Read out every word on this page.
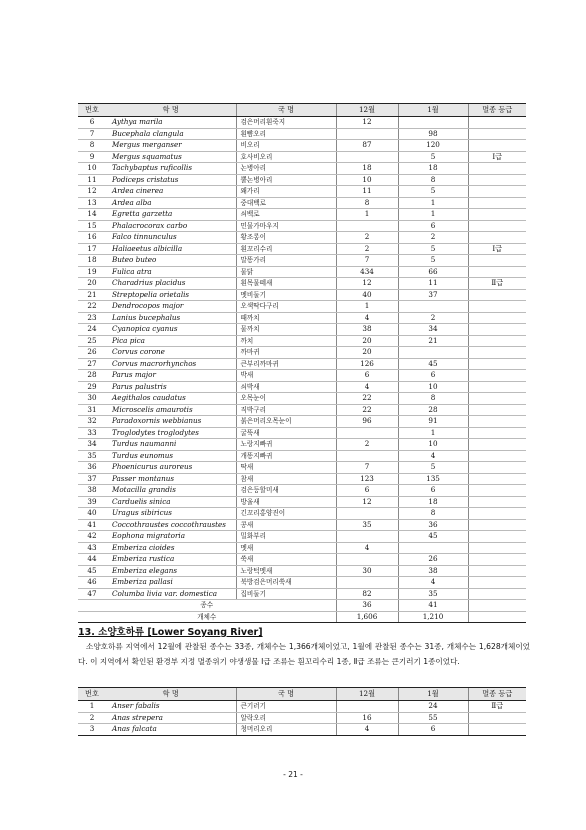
번호	학 명	국 명	12월	1월	멸종 등급
6	Aythya marila	검은머리흰죽지	12		
7	Bucephala clangula	흰뺨오리		98	
8	Mergus merganser	비오리	87	120	
9	Mergus squamatus	호사비오리		5	Ⅰ급
10	Tachybaptus ruficollis	논병아리	18	18	
11	Podiceps cristatus	뿔논병아리	10	8	
12	Ardea cinerea	왜가리	11	5	
13	Ardea alba	중대백로	8	1	
14	Egretta garzetta	쇠백로	1	1	
15	Phalacrocorax carbo	민물가마우지		6	
16	Falco tinnunculus	황조롱이	2	2	
17	Haliaeetus albicilla	흰꼬리수리	2	5	Ⅰ급
18	Buteo buteo	말똥가리	7	5	
19	Fulica atra	물닭	434	66	
20	Charadrius placidus	흰목물떼새	12	11	Ⅱ급
21	Streptopelia orietalis	멧비둘기	40	37	
22	Dendrocopos major	오색딱다구리	1		
23	Lanius bucephalus	때까치	4	2	
24	Cyanopica cyanus	물까치	38	34	
25	Pica pica	까치	20	21	
26	Corvus corone	까마귀	20		
27	Corvus macrorhynchos	큰부리까마귀	126	45	
28	Parus major	박새	6	6	
29	Parus palustris	쇠박새	4	10	
30	Aegithalos caudatus	오목눈이	22	8	
31	Microscelis amaurotis	직박구리	22	28	
32	Paradoxornis webbianus	붉은머리오목눈이	96	91	
33	Troglodytes troglodytes	굴뚝새		1	
34	Turdus naumanni	노랑지빠귀	2	10	
35	Turdus eunomus	개똥지빠귀		4	
36	Phoenicurus auroreus	딱새	7	5	
37	Passer montanus	참새	123	135	
38	Motacilla grandis	검은등할미새	6	6	
39	Carduelis sinica	방울새	12	18	
40	Uragus sibiricus	긴꼬리홍양진이		8	
41	Coccothraustes coccothraustes	콩새	35	36	
42	Eophona migratoria	밀화부리		45	
43	Emberiza cioides	멧새	4		
44	Emberiza rustica	쑥새		26	
45	Emberiza elegans	노랑턱멧새	30	38	
46	Emberiza pallasi	북방검은머리쑥새		4	
47	Columba livia var. domestica	집비둘기	82	35	
종수			36	41	
개체수			1,606	1,210	
13. 소양호하류 [Lower Soyang River]
소양호하류 지역에서 12월에 관찰된 종수는 33종, 개체수는 1,366개체이었고, 1월에 관찰된 종수는 31종, 개체수는 1,628개체이었다. 이 지역에서 확인된 환경부 지정 멸종위기 야생생물 Ⅰ급 조류는 흰꼬리수리 1종, Ⅱ급 조류는 큰기러기 1종이었다.
번호	학 명	국 명	12월	1월	멸종 등급
1	Anser fabalis	큰기러기		24	Ⅱ급
2	Anas strepera	알락오리	16	55	
3	Anas falcata	청머리오리	4	6	
- 21 -
